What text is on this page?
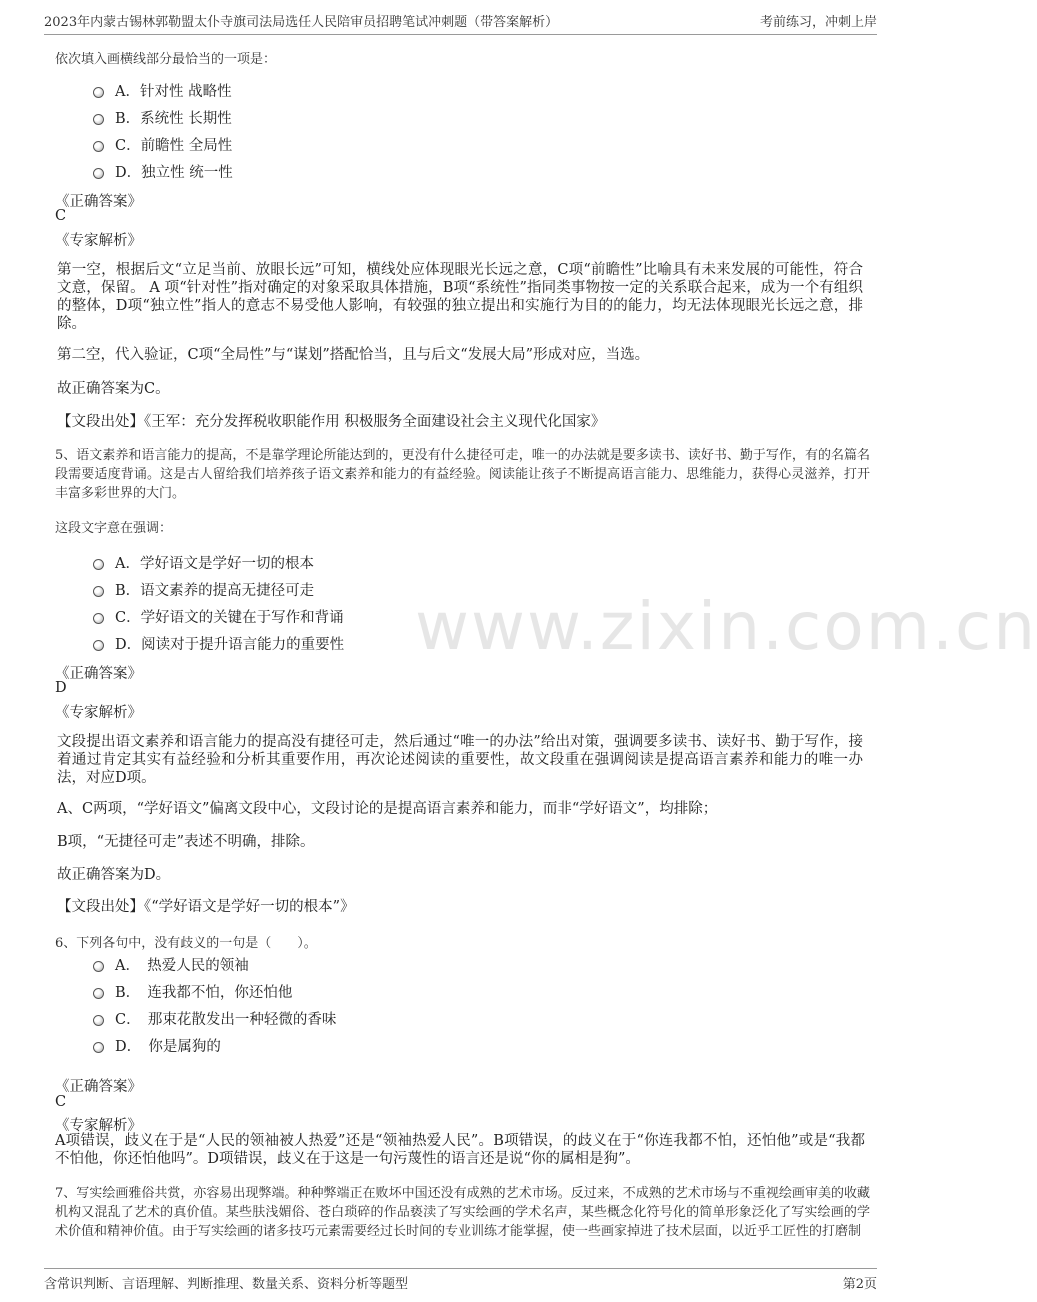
2023年内蒙古锡林郭勒盟太仆寺旗司法局选任人民陪审员招聘笔试冲刺题（带答案解析）	考前练习，冲刺上岸
www.zixin.com.cn
依次填入画横线部分最恰当的一项是：
A．针对性 战略性
B．系统性 长期性
C．前瞻性 全局性
D．独立性 统一性
《正确答案》
C
《专家解析》
第一空，根据后文“立足当前、放眼长远”可知，横线处应体现眼光长远之意，C项“前瞻性”比喻具有未来发展的可能性，符合文意，保留。 A 项“针对性”指对确定的对象采取具体措施，B项“系统性”指同类事物按一定的关系联合起来，成为一个有组织的整体，D项“独立性”指人的意志不易受他人影响，有较强的独立提出和实施行为目的的能力，均无法体现眼光长远之意，排除。
第二空，代入验证，C项“全局性”与“谋划”搭配恰当，且与后文“发展大局”形成对应，当选。
故正确答案为C。
【文段出处】《王军：充分发挥税收职能作用 积极服务全面建设社会主义现代化国家》
5、语文素养和语言能力的提高，不是靠学理论所能达到的，更没有什么捷径可走，唯一的办法就是要多读书、读好书、勤于写作，有的名篇名段需要适度背诵。这是古人留给我们培养孩子语文素养和能力的有益经验。阅读能让孩子不断提高语言能力、思维能力，获得心灵滋养，打开丰富多彩世界的大门。
这段文字意在强调：
A．学好语文是学好一切的根本
B．语文素养的提高无捷径可走
C．学好语文的关键在于写作和背诵
D．阅读对于提升语言能力的重要性
《正确答案》
D
《专家解析》
文段提出语文素养和语言能力的提高没有捷径可走，然后通过“唯一的办法”给出对策，强调要多读书、读好书、勤于写作，接着通过肯定其实有益经验和分析其重要作用，再次论述阅读的重要性，故文段重在强调阅读是提高语言素养和能力的唯一办法，对应D项。
A、C两项，“学好语文”偏离文段中心，文段讨论的是提高语言素养和能力，而非“学好语文”，均排除；
B项，“无捷径可走”表述不明确，排除。
故正确答案为D。
【文段出处】《“学好语文是学好一切的根本”》
6、下列各句中，没有歧义的一句是（　　）。
A．　热爱人民的领袖
B．　连我都不怕，你还怕他
C．　那束花散发出一种轻微的香味
D．　你是属狗的
《正确答案》
C
《专家解析》
A项错误，歧义在于是“人民的领袖被人热爱”还是“领袖热爱人民”。B项错误，的歧义在于“你连我都不怕，还怕他”或是“我都不怕他，你还怕他吗”。D项错误，歧义在于这是一句污蔑性的语言还是说“你的属相是狗”。
7、写实绘画雅俗共赏，亦容易出现弊端。种种弊端正在败坏中国还没有成熟的艺术市场。反过来，不成熟的艺术市场与不重视绘画审美的收藏机构又混乱了艺术的真价值。某些肤浅媚俗、苍白琐碎的作品亵渎了写实绘画的学术名声，某些概念化符号化的简单形象泛化了写实绘画的学术价值和精神价值。由于写实绘画的诸多技巧元素需要经过长时间的专业训练才能掌握，使一些画家掉进了技术层面，以近乎工匠性的打磨制
含常识判断、言语理解、判断推理、数量关系、资料分析等题型	第2页
